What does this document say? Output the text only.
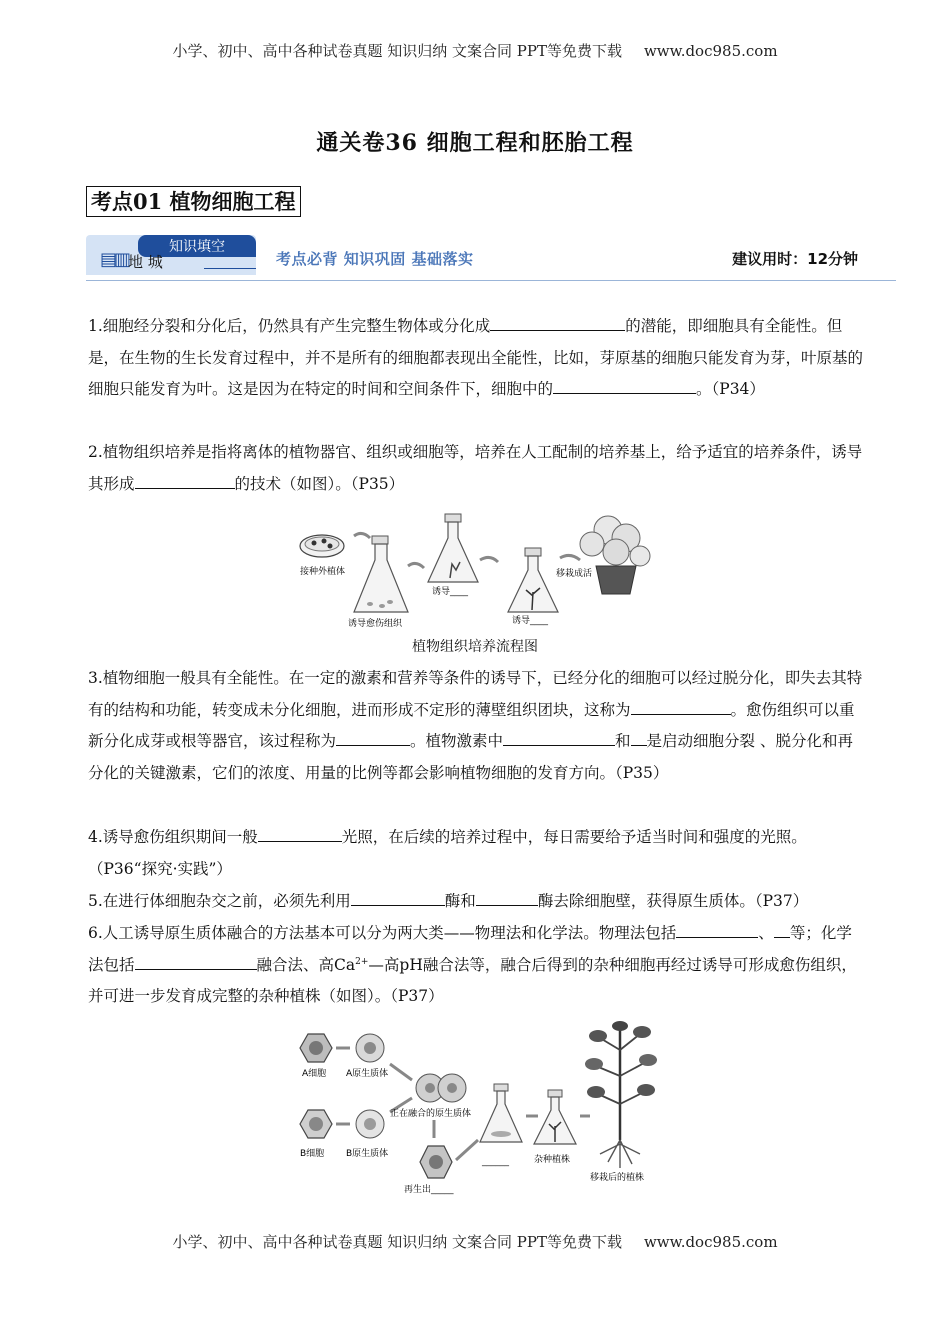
小学、初中、高中各种试卷真题 知识归纳 文案合同 PPT等免费下载 www.doc985.com
通关卷36 细胞工程和胚胎工程
考点01 植物细胞工程
知识填空
▤▥ 地 城	考点必背 知识巩固 基础落实	建议用时：12分钟

1.细胞经分裂和分化后，仍然具有产生完整生物体或分化成	的潜能，即细胞具有全能性。但是，在生物的生长发育过程中，并不是所有的细胞都表现出全能性，比如，芽原基的细胞只能发育为芽，叶原基的细胞只能发育为叶。这是因为在特定的时间和空间条件下，细胞中的	。（P34）

2.植物组织培养是指将离体的植物器官、组织或细胞等，培养在人工配制的培养基上，给予适宜的培养条件，诱导其形成	的技术（如图）。（P35）

接种外植体
诱导愈伤组织
诱导____
诱导____
移栽成活
植物组织培养流程图

3.植物细胞一般具有全能性。在一定的激素和营养等条件的诱导下，已经分化的细胞可以经过脱分化，即失去其特有的结构和功能，转变成未分化细胞，进而形成不定形的薄壁组织团块，这称为	。愈伤组织可以重新分化成芽或根等器官，该过程称为	。植物激素中	和 是启动细胞分裂 、脱分化和再分化的关键激素，它们的浓度、用量的比例等都会影响植物细胞的发育方向。（P35）

4.诱导愈伤组织期间一般	光照，在后续的培养过程中，每日需要给予适当时间和强度的光照。（P36“探究·实践”）

5.在进行体细胞杂交之前，必须先利用	酶和	酶去除细胞壁，获得原生质体。（P37）

6.人工诱导原生质体融合的方法基本可以分为两大类——物理法和化学法。物理法包括	、 等；化学法包括	融合法、高$Ca^{2+}—$高pH融合法等，融合后得到的杂种细胞再经过诱导可形成愈伤组织，并可进一步发育成完整的杂种植株（如图）。（P37）

A细胞 A原生质体
B细胞 B原生质体
正在融合的原生质体
再生出_____
______	杂种植株
移栽后的植株
小学、初中、高中各种试卷真题 知识归纳 文案合同 PPT等免费下载 www.doc985.com
